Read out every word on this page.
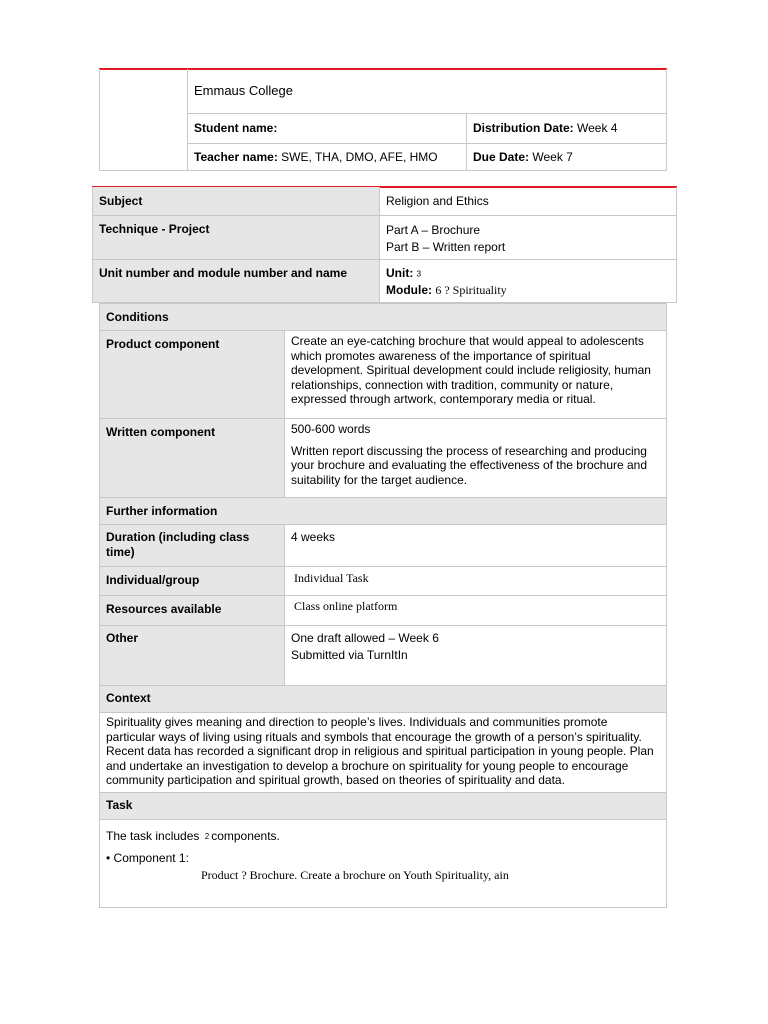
	Emmaus College	
	Student name:	Distribution Date: Week 4
	Teacher name: SWE, THA, DMO, AFE, HMO	Due Date: Week 7
Subject	Religion and Ethics
Technique - Project	Part A – Brochure
Part B – Written report

Unit number and module number and name	Unit: 3
Module: 6 ? Spirituality
Conditions	
Product component	Create an eye-catching brochure that would appeal to adolescents which promotes awareness of the importance of spiritual development. Spiritual development could include religiosity, human relationships, connection with tradition, community or nature, expressed through artwork, contemporary media or ritual.
Written component	500-600 words

Written report discussing the process of researching and producing your brochure and evaluating the effectiveness of the brochure and suitability for the target audience.

Further information	
Duration (including class time)	4 weeks
Individual/group	Individual Task
Resources available	Class online platform
Other	One draft allowed – Week 6
Submitted via TurnItIn

Context	
Spirituality gives meaning and direction to people’s lives. Individuals and communities promote particular ways of living using rituals and symbols that encourage the growth of a person’s spirituality. Recent data has recorded a significant drop in religious and spiritual participation in young people. Plan and undertake an investigation to develop a brochure on spirituality for young people to encourage community participation and spiritual growth, based on theories of spirituality and data.	
Task	

The task includes 2 components.
• Component 1:
Product ? Brochure. Create a brochure on Youth Spirituality, ain	
